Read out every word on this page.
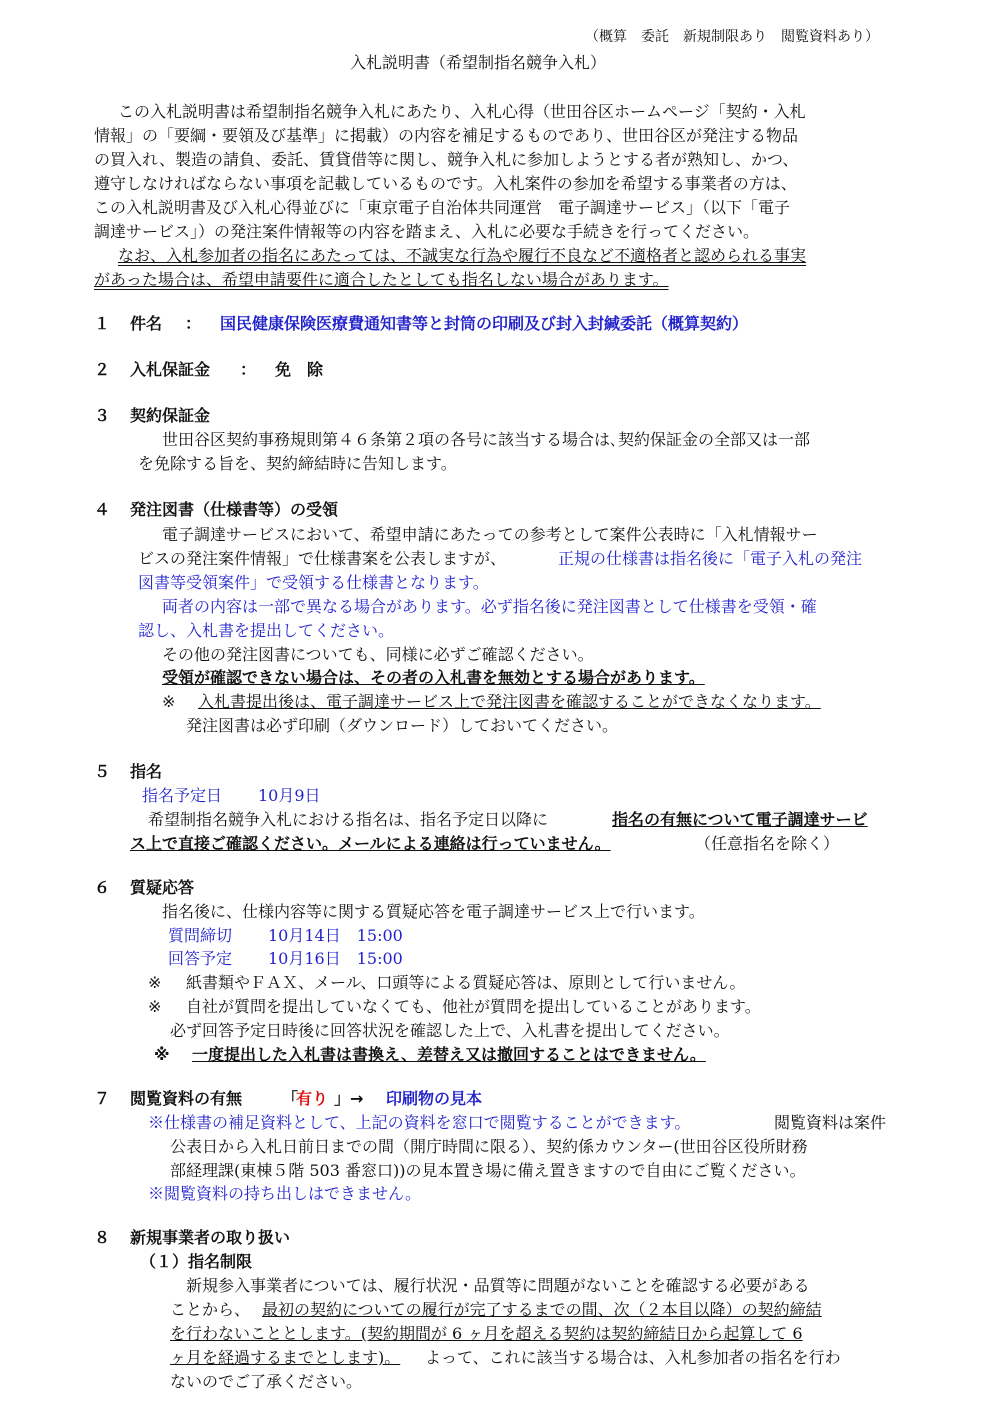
（概算　委託　新規制限あり　閲覧資料あり）

入札説明書（希望制指名競争入札）

この入札説明書は希望制指名競争入札にあたり、入札心得（世田谷区ホームページ「契約・入札

情報」の「要綱・要領及び基準」に掲載）の内容を補足するものであり、世田谷区が発注する物品

の買入れ、製造の請負、委託、賃貸借等に関し、競争入札に参加しようとする者が熟知し、かつ、

遵守しなければならない事項を記載しているものです。入札案件の参加を希望する事業者の方は、

この入札説明書及び入札心得並びに「東京電子自治体共同運営　電子調達サービス」（以下「電子

調達サービス」）の発注案件情報等の内容を踏まえ、入札に必要な手続きを行ってください。

なお、入札参加者の指名にあたっては、不誠実な行為や履行不良など不適格者と認められる事実

があった場合は、希望申請要件に適合したとしても指名しない場合があります。

１ 件名 ： 国民健康保険医療費通知書等と封筒の印刷及び封入封緘委託（概算契約）

２ 入札保証金 ： 免　除

３ 契約保証金

世田谷区契約事務規則第４６条第２項の各号に該当する場合は､契約保証金の全部又は一部

を免除する旨を、契約締結時に告知します。

４ 発注図書（仕様書等）の受領

電子調達サービスにおいて、希望申請にあたっての参考として案件公表時に「入札情報サー

ビスの発注案件情報」で仕様書案を公表しますが、	正規の仕様書は指名後に「電子入札の発注

図書等受領案件」で受領する仕様書となります。

両者の内容は一部で異なる場合があります。必ず指名後に発注図書として仕様書を受領・確

認し、入札書を提出してください。

その他の発注図書についても、同様に必ずご確認ください。

受領が確認できない場合は、その者の入札書を無効とする場合があります。

※ 入札書提出後は、電子調達サービス上で発注図書を確認することができなくなります。

発注図書は必ず印刷（ダウンロード）しておいてください。

５ 指名

指名予定日 10月9日

希望制指名競争入札における指名は、指名予定日以降に	指名の有無について電子調達サービ

ス上で直接ご確認ください。メールによる連絡は行っていません。	（任意指名を除く）

６ 質疑応答

指名後に、仕様内容等に関する質疑応答を電子調達サービス上で行います。

質問締切 10月14日　15:00

回答予定 10月16日　15:00

※ 紙書類やＦＡＸ、メール、口頭等による質疑応答は、原則として行いません。

※ 自社が質問を提出していなくても、他社が質問を提出していることがあります。

必ず回答予定日時後に回答状況を確認した上で、入札書を提出してください。

※ 一度提出した入札書は書換え、差替え又は撤回することはできません。

７ 閲覧資料の有無 「

有り 」→ 印刷物の見本

※仕様書の補足資料として、上記の資料を窓口で閲覧することができます。	閲覧資料は案件

公表日から入札日前日までの間（開庁時間に限る）、契約係カウンター(世田谷区役所財務

部経理課(東棟５階 503 番窓口))の見本置き場に備え置きますので自由にご覧ください。

※閲覧資料の持ち出しはできません。

８ 新規事業者の取り扱い

（１）指名制限

新規参入事業者については、履行状況・品質等に問題がないことを確認する必要がある

ことから、 最初の契約についての履行が完了するまでの間、次（２本目以降）の契約締結

を行わないこととします。(契約期間が 6 ヶ月を超える契約は契約締結日から起算して 6

ヶ月を経過するまでとします)。 よって、これに該当する場合は、入札参加者の指名を行わ

ないのでご了承ください。
